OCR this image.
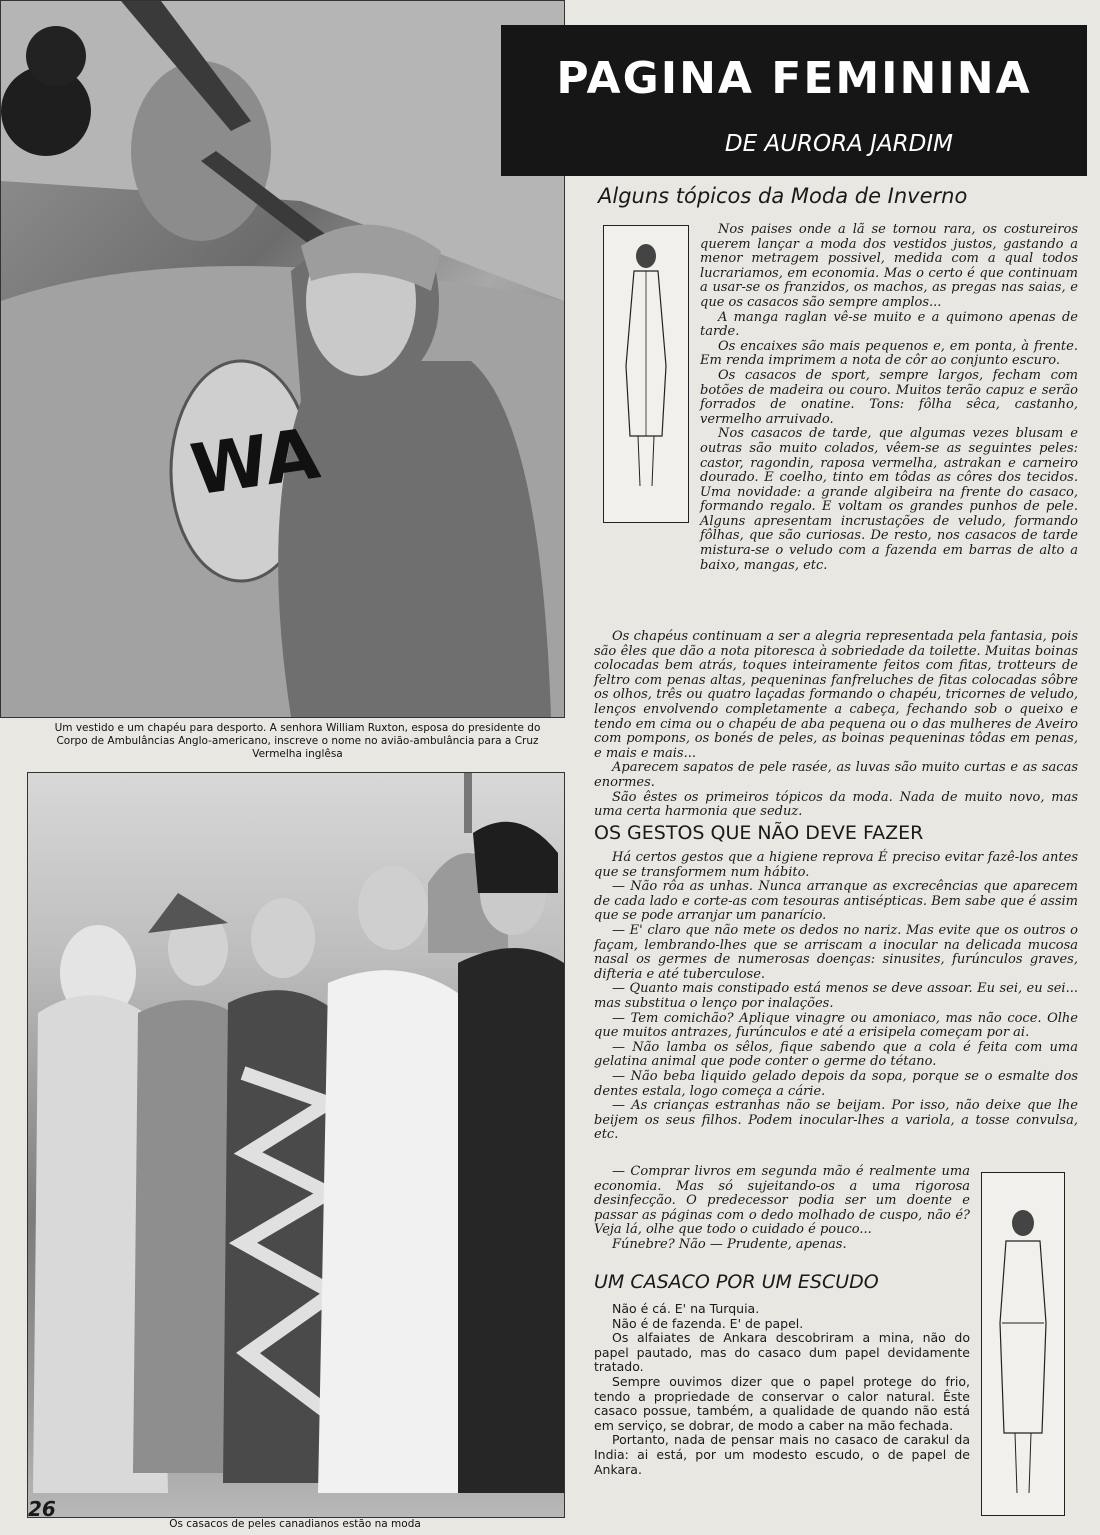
WA
Um vestido e um chapéu para desporto. A senhora William Ruxton, esposa do presidente do Corpo de Ambulâncias Anglo-americano, inscreve o nome no avião-ambulância para a Cruz Vermelha inglêsa
Os casacos de peles canadianos estão na moda
26
PAGINA FEMININA
DE AURORA JARDIM
Alguns tópicos da Moda de Inverno

Nos paises onde a lã se tornou rara, os costureiros querem lançar a moda dos vestidos justos, gastando a menor metragem possivel, medida com a qual todos lucrariamos, em economia. Mas o certo é que continuam a usar-se os franzidos, os machos, as pregas nas saias, e que os casacos são sempre amplos...

A manga raglan vê-se muito e a quimono apenas de tarde.

Os encaixes são mais pequenos e, em ponta, à frente. Em renda imprimem a nota de côr ao conjunto escuro.

Os casacos de sport, sempre largos, fecham com botões de madeira ou couro. Muitos terão capuz e serão forrados de onatine. Tons: fôlha sêca, castanho, vermelho arruivado.

Nos casacos de tarde, que algumas vezes blusam e outras são muito colados, vêem-se as seguintes peles: castor, ragondin, raposa vermelha, astrakan e carneiro dourado. E coelho, tinto em tôdas as côres dos tecidos. Uma novidade: a grande algibeira na frente do casaco, formando regalo. E voltam os grandes punhos de pele. Alguns apresentam incrustações de veludo, formando fôlhas, que são curiosas. De resto, nos casacos de tarde mistura-se o veludo com a fazenda em barras de alto a baixo, mangas, etc.

Os chapéus continuam a ser a alegria representada pela fantasia, pois são êles que dão a nota pitoresca à sobriedade da toilette. Muitas boinas colocadas bem atrás, toques inteiramente feitos com fitas, trotteurs de feltro com penas altas, pequeninas fanfreluches de fitas colocadas sôbre os olhos, três ou quatro laçadas formando o chapéu, tricornes de veludo, lenços envolvendo completamente a cabeça, fechando sob o queixo e tendo em cima ou o chapéu de aba pequena ou o das mulheres de Aveiro com pompons, os bonés de peles, as boinas pequeninas tôdas em penas, e mais e mais...

Aparecem sapatos de pele rasée, as luvas são muito curtas e as sacas enormes.

São êstes os primeiros tópicos da moda. Nada de muito novo, mas uma certa harmonia que seduz.

OS GESTOS QUE NÃO DEVE FAZER

Há certos gestos que a higiene reprova É preciso evitar fazê-los antes que se transformem num hábito.

— Não rôa as unhas. Nunca arranque as excrecências que aparecem de cada lado e corte-as com tesouras antisépticas. Bem sabe que é assim que se pode arranjar um panarício.

— E' claro que não mete os dedos no nariz. Mas evite que os outros o façam, lembrando-lhes que se arriscam a inocular na delicada mucosa nasal os germes de numerosas doenças: sinusites, furúnculos graves, difteria e até tuberculose.

— Quanto mais constipado está menos se deve assoar. Eu sei, eu sei... mas substitua o lenço por inalações.

— Tem comichão? Aplique vinagre ou amoniaco, mas não coce. Olhe que muitos antrazes, furúnculos e até a erisipela começam por ai.

— Não lamba os sêlos, fique sabendo que a cola é feita com uma gelatina animal que pode conter o germe do tétano.

— Não beba liquido gelado depois da sopa, porque se o esmalte dos dentes estala, logo começa a cárie.

— As crianças estranhas não se beijam. Por isso, não deixe que lhe beijem os seus filhos. Podem inocular-lhes a variola, a tosse convulsa, etc.

— Comprar livros em segunda mão é realmente uma economia. Mas só sujeitando-os a uma rigorosa desinfecção. O predecessor podia ser um doente e passar as páginas com o dedo molhado de cuspo, não é? Veja lá, olhe que todo o cuidado é pouco...

Fúnebre? Não — Prudente, apenas.

UM CASACO POR UM ESCUDO

Não é cá. E' na Turquia.

Não é de fazenda. E' de papel.

Os alfaiates de Ankara descobriram a mina, não do papel pautado, mas do casaco dum papel devidamente tratado.

Sempre ouvimos dizer que o papel protege do frio, tendo a propriedade de conservar o calor natural. Êste casaco possue, também, a qualidade de quando não está em serviço, se dobrar, de modo a caber na mão fechada.

Portanto, nada de pensar mais no casaco de carakul da India: ai está, por um modesto escudo, o de papel de Ankara.
